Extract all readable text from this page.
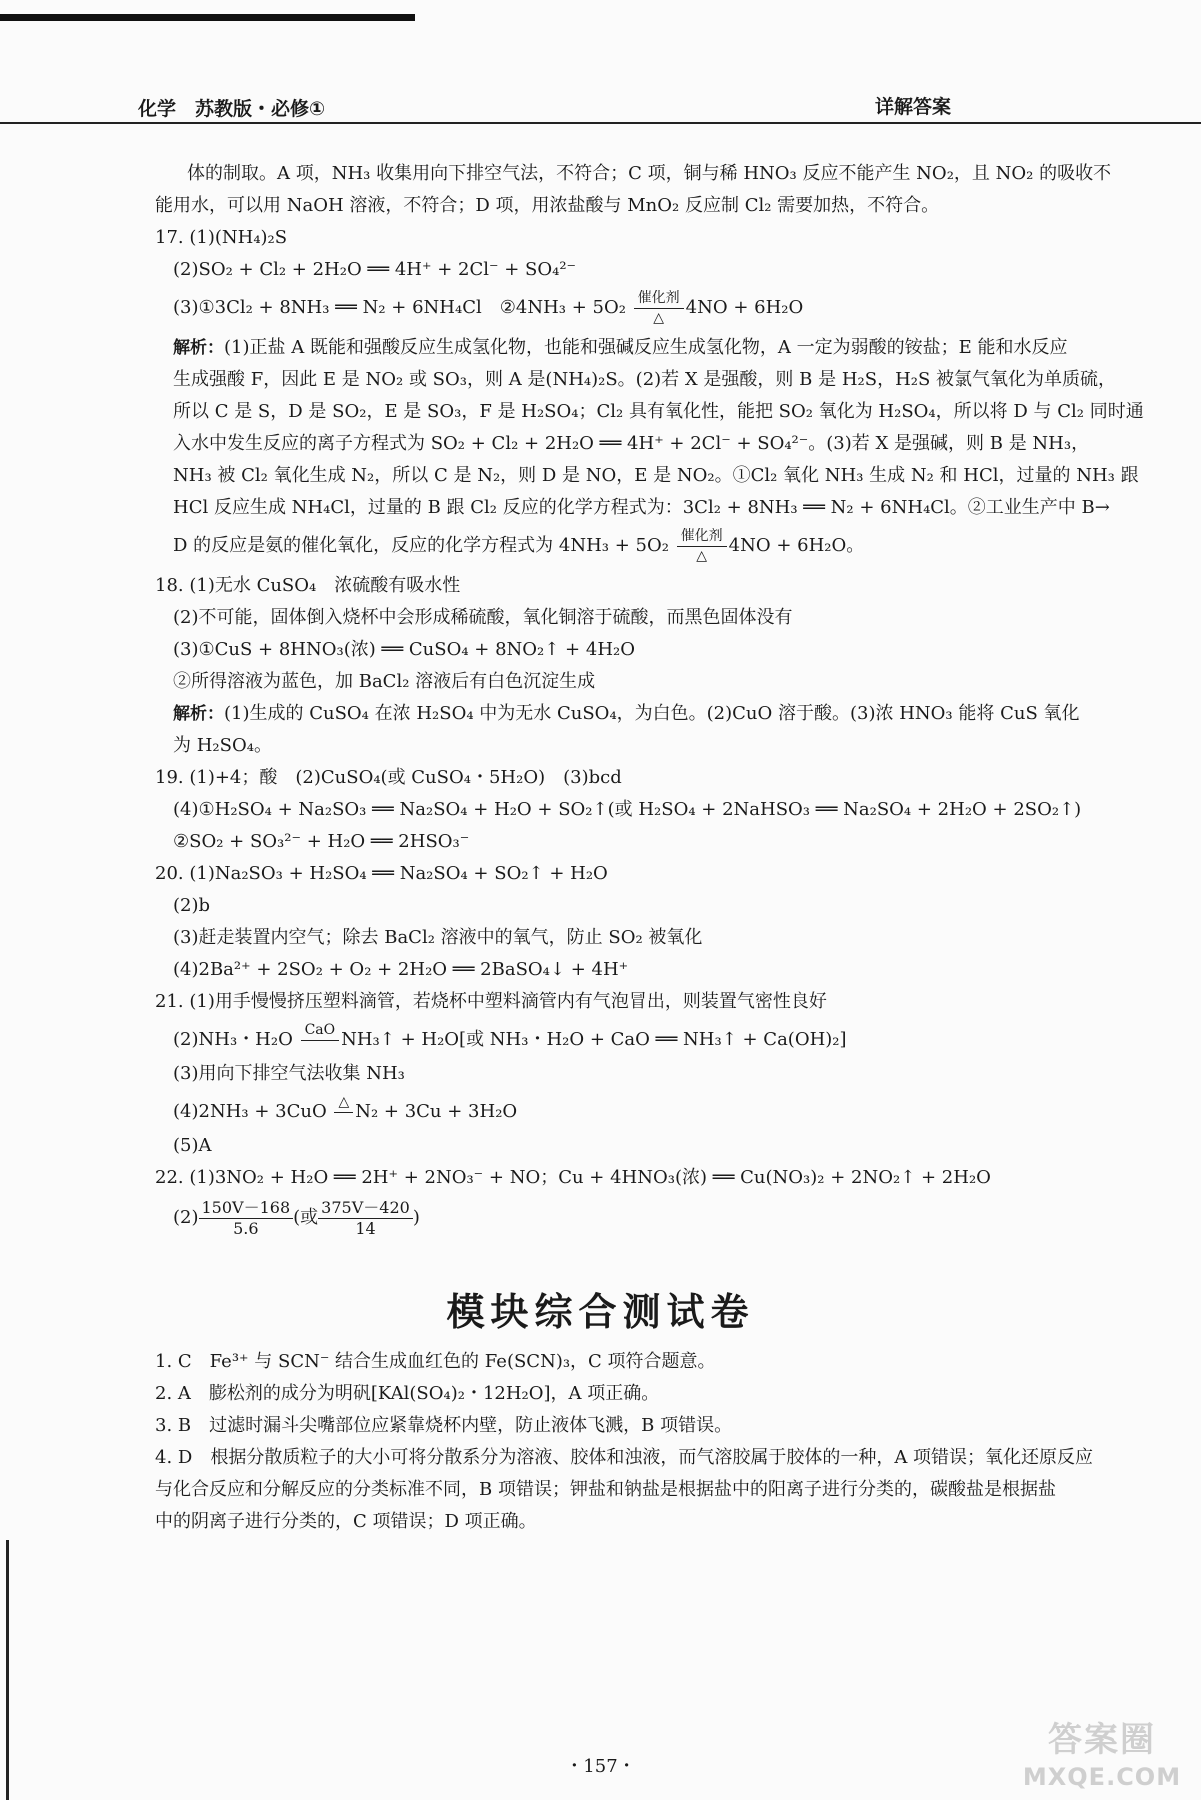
化学　苏教版・必修①	详解答案
体的制取。A 项，NH₃ 收集用向下排空气法，不符合；C 项，铜与稀 HNO₃ 反应不能产生 NO₂，且 NO₂ 的吸收不
能用水，可以用 NaOH 溶液，不符合；D 项，用浓盐酸与 MnO₂ 反应制 Cl₂ 需要加热，不符合。
17. (1)(NH₄)₂S
(2)SO₂ + Cl₂ + 2H₂O ══ 4H⁺ + 2Cl⁻ + SO₄²⁻
(3)①3Cl₂ + 8NH₃ ══ N₂ + 6NH₄Cl　②4NH₃ + 5O₂ 催化剂
△	4NO + 6H₂O
解析：(1)正盐 A 既能和强酸反应生成氢化物，也能和强碱反应生成氢化物，A 一定为弱酸的铵盐；E 能和水反应
生成强酸 F，因此 E 是 NO₂ 或 SO₃，则 A 是(NH₄)₂S。(2)若 X 是强酸，则 B 是 H₂S，H₂S 被氯气氧化为单质硫，
所以 C 是 S，D 是 SO₂，E 是 SO₃，F 是 H₂SO₄；Cl₂ 具有氧化性，能把 SO₂ 氧化为 H₂SO₄，所以将 D 与 Cl₂ 同时通
入水中发生反应的离子方程式为 SO₂ + Cl₂ + 2H₂O ══ 4H⁺ + 2Cl⁻ + SO₄²⁻。(3)若 X 是强碱，则 B 是 NH₃，
NH₃ 被 Cl₂ 氧化生成 N₂，所以 C 是 N₂，则 D 是 NO，E 是 NO₂。①Cl₂ 氧化 NH₃ 生成 N₂ 和 HCl，过量的 NH₃ 跟
HCl 反应生成 NH₄Cl，过量的 B 跟 Cl₂ 反应的化学方程式为：3Cl₂ + 8NH₃ ══ N₂ + 6NH₄Cl。②工业生产中 B→
D 的反应是氨的催化氧化，反应的化学方程式为 4NH₃ + 5O₂ 催化剂
△	4NO + 6H₂O。
18. (1)无水 CuSO₄　浓硫酸有吸水性
(2)不可能，固体倒入烧杯中会形成稀硫酸，氧化铜溶于硫酸，而黑色固体没有
(3)①CuS + 8HNO₃(浓) ══ CuSO₄ + 8NO₂↑ + 4H₂O
②所得溶液为蓝色，加 BaCl₂ 溶液后有白色沉淀生成
解析：(1)生成的 CuSO₄ 在浓 H₂SO₄ 中为无水 CuSO₄，为白色。(2)CuO 溶于酸。(3)浓 HNO₃ 能将 CuS 氧化
为 H₂SO₄。
19. (1)+4；酸　(2)CuSO₄(或 CuSO₄・5H₂O)　(3)bcd
(4)①H₂SO₄ + Na₂SO₃ ══ Na₂SO₄ + H₂O + SO₂↑(或 H₂SO₄ + 2NaHSO₃ ══ Na₂SO₄ + 2H₂O + 2SO₂↑)
②SO₂ + SO₃²⁻ + H₂O ══ 2HSO₃⁻
20. (1)Na₂SO₃ + H₂SO₄ ══ Na₂SO₄ + SO₂↑ + H₂O
(2)b
(3)赶走装置内空气；除去 BaCl₂ 溶液中的氧气，防止 SO₂ 被氧化
(4)2Ba²⁺ + 2SO₂ + O₂ + 2H₂O ══ 2BaSO₄↓ + 4H⁺
21. (1)用手慢慢挤压塑料滴管，若烧杯中塑料滴管内有气泡冒出，则装置气密性良好
(2)NH₃・H₂O CaO
NH₃↑ + H₂O[或 NH₃・H₂O + CaO ══ NH₃↑ + Ca(OH)₂]
(3)用向下排空气法收集 NH₃
(4)2NH₃ + 3CuO △
N₂ + 3Cu + 3H₂O
(5)A
22. (1)3NO₂ + H₂O ══ 2H⁺ + 2NO₃⁻ + NO；Cu + 4HNO₃(浓) ══ Cu(NO₃)₂ + 2NO₂↑ + 2H₂O
$(2) \frac{150V-168}{5.6}$ (或 $\frac{375V-420}{14}$ )
模块综合测试卷
1. C　Fe³⁺ 与 SCN⁻ 结合生成血红色的 Fe(SCN)₃，C 项符合题意。
2. A　膨松剂的成分为明矾[KAl(SO₄)₂・12H₂O]，A 项正确。
3. B　过滤时漏斗尖嘴部位应紧靠烧杯内壁，防止液体飞溅，B 项错误。
4. D　根据分散质粒子的大小可将分散系分为溶液、胶体和浊液，而气溶胶属于胶体的一种，A 项错误；氧化还原反应
与化合反应和分解反应的分类标准不同，B 项错误；钾盐和钠盐是根据盐中的阳离子进行分类的，碳酸盐是根据盐
中的阴离子进行分类的，C 项错误；D 项正确。
・157・
答案圈
MXQE.COM
